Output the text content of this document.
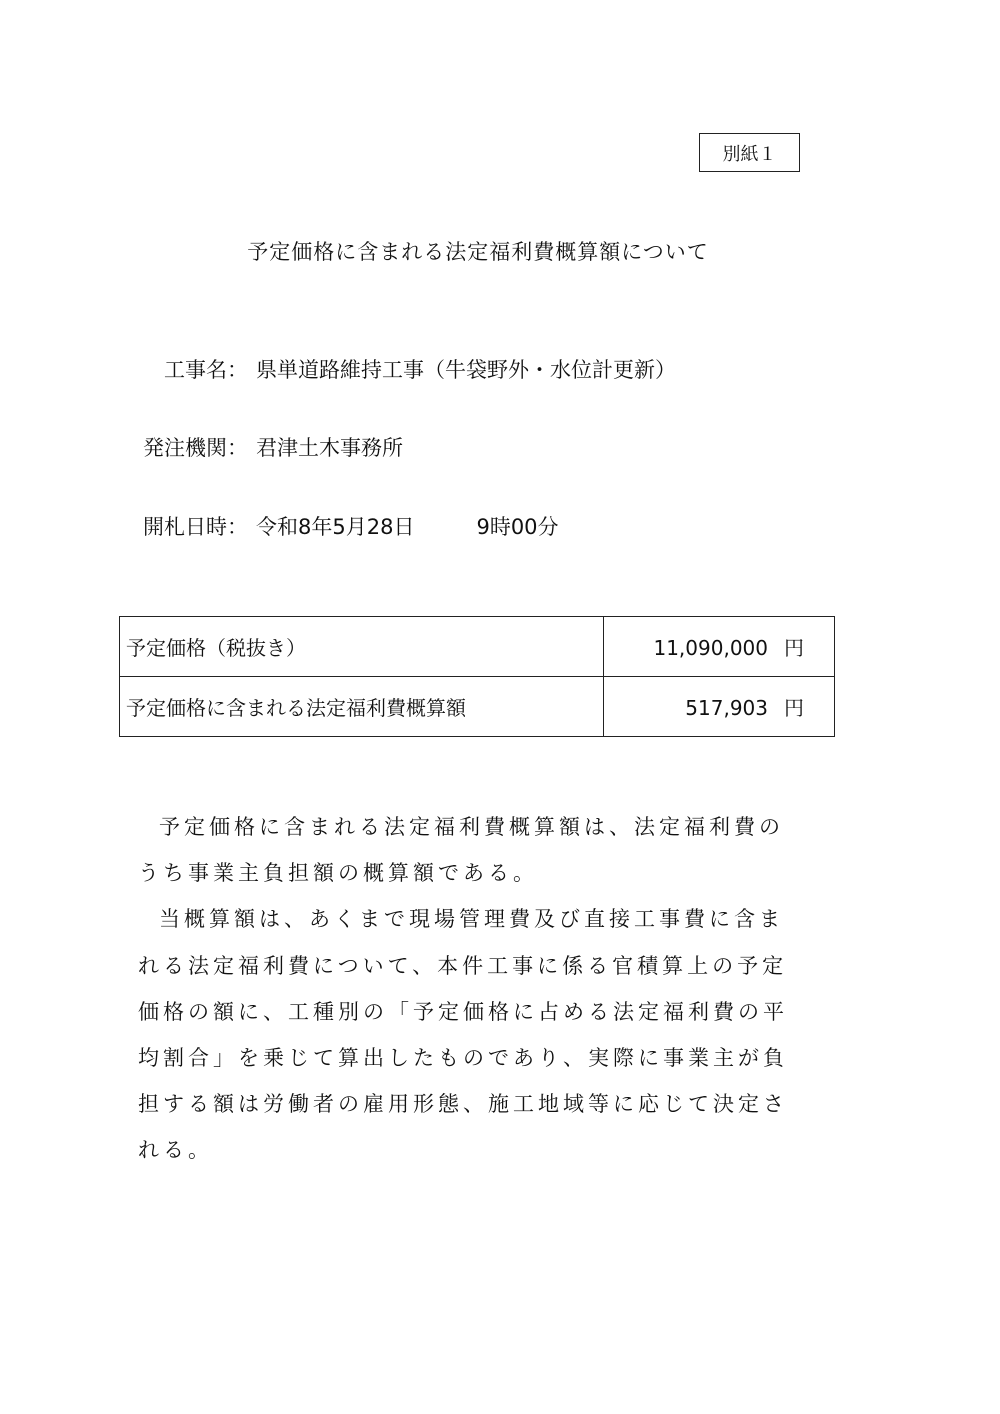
別紙１
予定価格に含まれる法定福利費概算額について
工事名： 県単道路維持工事（牛袋野外・水位計更新）
発注機関： 君津土木事務所
開札日時： 令和8年5月28日	9時00分
予定価格（税抜き）	11,090,000 円
予定価格に含まれる法定福利費概算額	517,903 円

予定価格に含まれる法定福利費概算額は、法定福利費のうち事業主負担額の概算額である。

当概算額は、あくまで現場管理費及び直接工事費に含まれる法定福利費について、本件工事に係る官積算上の予定価格の額に、工種別の「予定価格に占める法定福利費の平均割合」を乗じて算出したものであり、実際に事業主が負担する額は労働者の雇用形態、施工地域等に応じて決定される。
